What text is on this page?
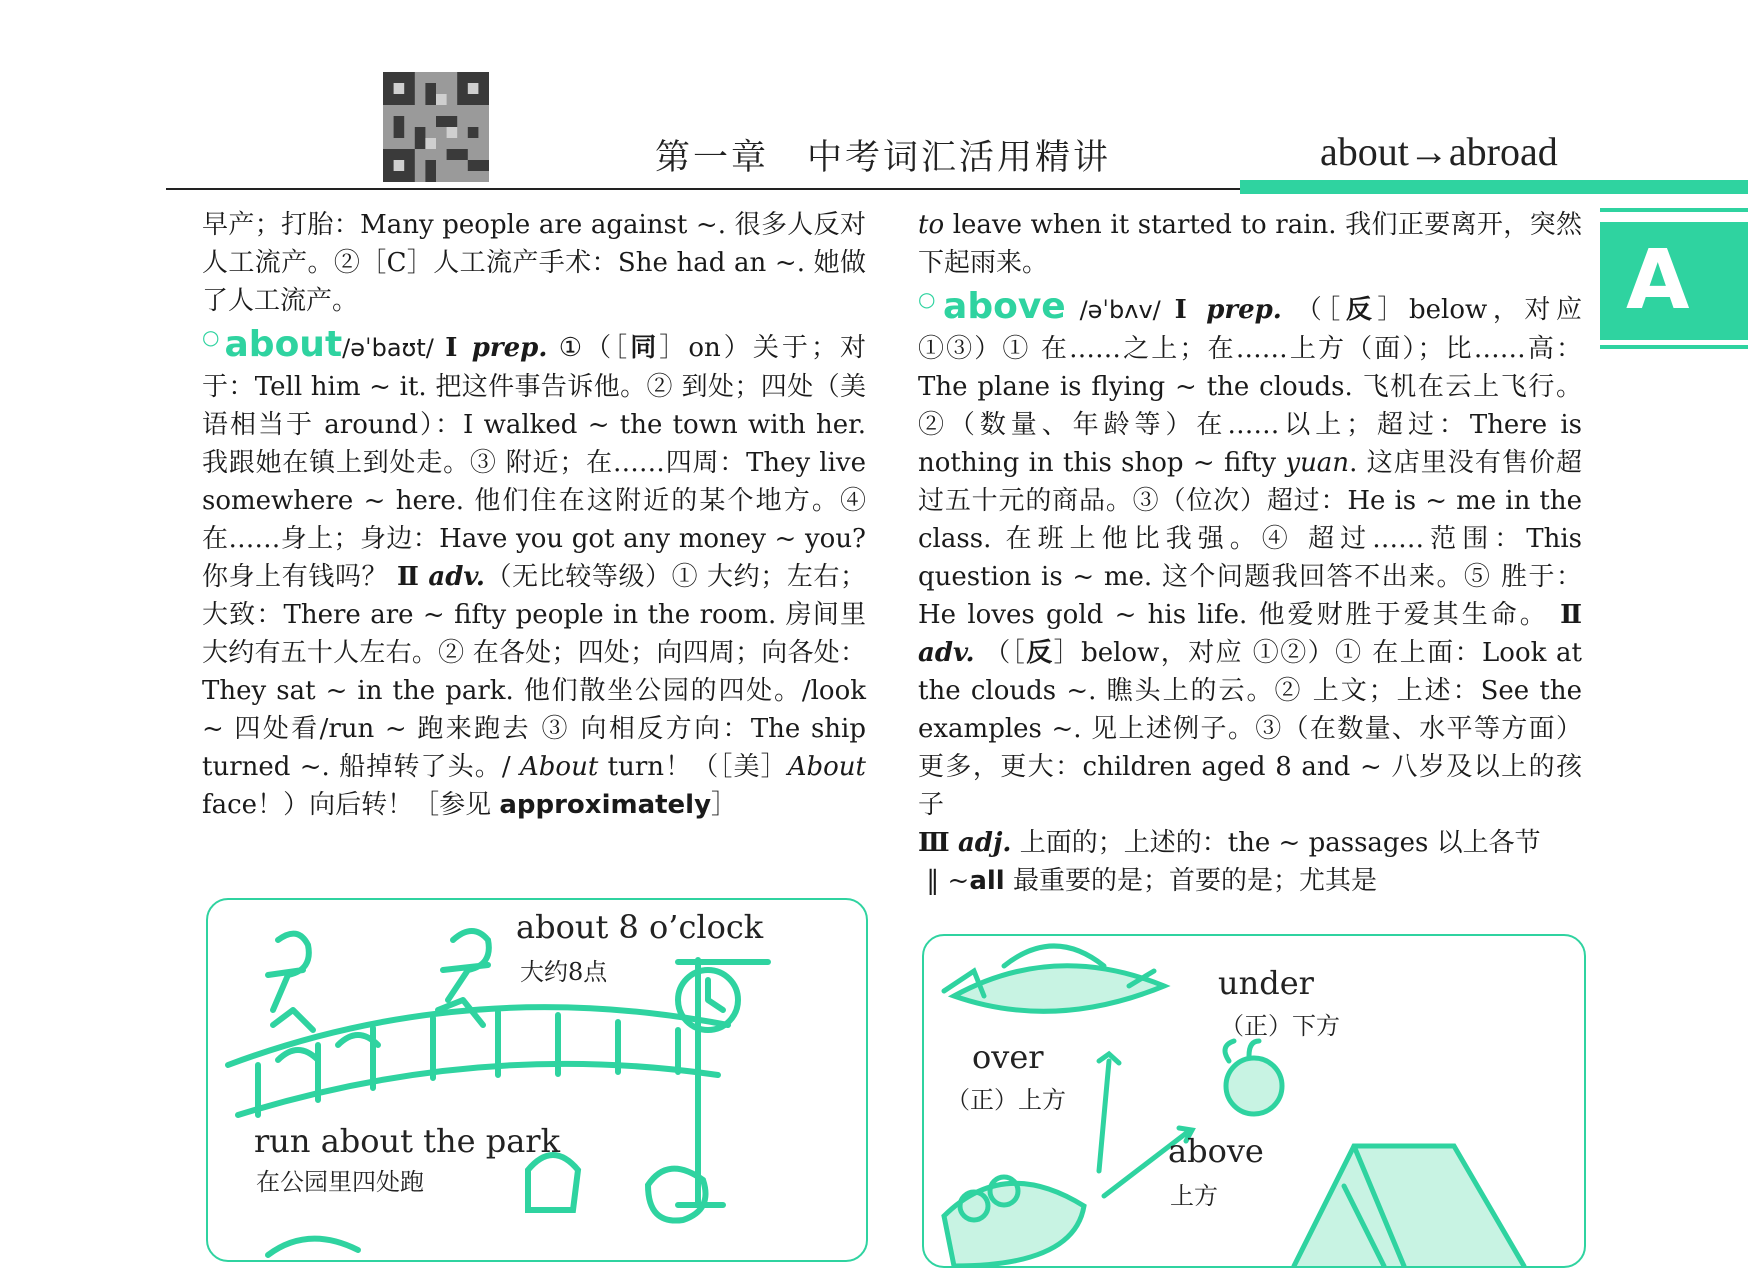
第一章　中考词汇活用精讲	about→abroad
A

早产；打胎：Many people are against ~. 很多人反对人工流产。②［C］人工流产手术：She had an ~. 她做了人工流产。

○about/əˈbaʊt/ Ⅰ prep. ①（［同］on）关于；对于：Tell him ~ it. 把这件事告诉他。② 到处；四处（美语相当于 around）：I walked ~ the town with her. 我跟她在镇上到处走。③ 附近；在……四周：They live somewhere ~ here. 他们住在这附近的某个地方。④ 在……身上；身边：Have you got any money ~ you? 你身上有钱吗？ Ⅱ adv.（无比较等级）① 大约；左右；大致：There are ~ fifty people in the room. 房间里大约有五十人左右。② 在各处；四处；向四周；向各处：They sat ~ in the park. 他们散坐公园的四处。/look ~ 四处看/run ~ 跑来跑去 ③ 向相反方向：The ship turned ~. 船掉转了头。/ About turn！（［美］About face！）向后转！［参见 approximately］

to leave when it started to rain. 我们正要离开，突然下起雨来。

○above /əˈbʌv/ Ⅰ prep. （［反］below，对应 ①③）① 在……之上；在……上方（面）；比……高：The plane is flying ~ the clouds. 飞机在云上飞行。②（数量、年龄等）在……以上；超过：There is nothing in this shop ~ fifty yuan. 这店里没有售价超过五十元的商品。③（位次）超过：He is ~ me in the class. 在班上他比我强。④ 超过……范围：This question is ~ me. 这个问题我回答不出来。⑤ 胜于：He loves gold ~ his life. 他爱财胜于爱其生命。 Ⅱ adv. （［反］below，对应 ①②）① 在上面：Look at the clouds ~. 瞧头上的云。② 上文；上述：See the examples ~. 见上述例子。③（在数量、水平等方面）更多，更大：children aged 8 and ~ 八岁及以上的孩子
Ⅲ adj. 上面的；上述的：the ~ passages 以上各节
‖ ~all 最重要的是；首要的是；尤其是

about 8 o’clock
大约8点
run about the park
在公园里四处跑
under
（正）下方
over
（正）上方
above
上方
